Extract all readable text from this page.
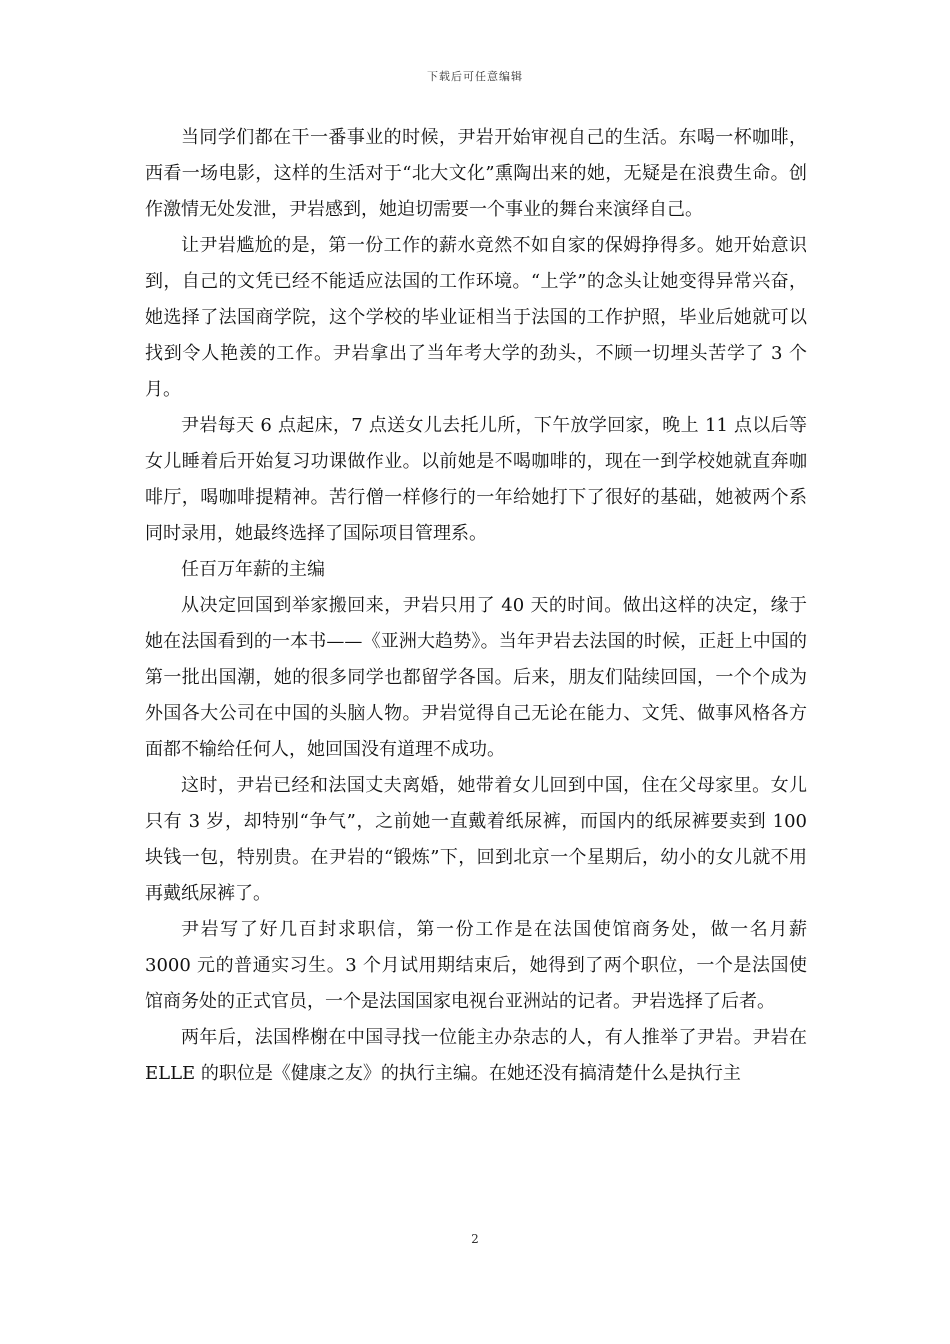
下载后可任意编辑

当同学们都在干一番事业的时候，尹岩开始审视自己的生活。东喝一杯咖啡，西看一场电影，这样的生活对于“北大文化”熏陶出来的她，无疑是在浪费生命。创作激情无处发泄，尹岩感到，她迫切需要一个事业的舞台来演绎自己。

让尹岩尴尬的是，第一份工作的薪水竟然不如自家的保姆挣得多。她开始意识到，自己的文凭已经不能适应法国的工作环境。“上学”的念头让她变得异常兴奋，她选择了法国商学院，这个学校的毕业证相当于法国的工作护照，毕业后她就可以找到令人艳羡的工作。尹岩拿出了当年考大学的劲头，不顾一切埋头苦学了 3 个月。

尹岩每天 6 点起床，7 点送女儿去托儿所，下午放学回家，晚上 11 点以后等女儿睡着后开始复习功课做作业。以前她是不喝咖啡的，现在一到学校她就直奔咖啡厅，喝咖啡提精神。苦行僧一样修行的一年给她打下了很好的基础，她被两个系同时录用，她最终选择了国际项目管理系。

任百万年薪的主编

从决定回国到举家搬回来，尹岩只用了 40 天的时间。做出这样的决定，缘于她在法国看到的一本书——《亚洲大趋势》。当年尹岩去法国的时候，正赶上中国的第一批出国潮，她的很多同学也都留学各国。后来，朋友们陆续回国，一个个成为外国各大公司在中国的头脑人物。尹岩觉得自己无论在能力、文凭、做事风格各方面都不输给任何人，她回国没有道理不成功。

这时，尹岩已经和法国丈夫离婚，她带着女儿回到中国，住在父母家里。女儿只有 3 岁，却特别“争气”，之前她一直戴着纸尿裤，而国内的纸尿裤要卖到 100 块钱一包，特别贵。在尹岩的“锻炼”下，回到北京一个星期后，幼小的女儿就不用再戴纸尿裤了。

尹岩写了好几百封求职信，第一份工作是在法国使馆商务处，做一名月薪 3000 元的普通实习生。3 个月试用期结束后，她得到了两个职位，一个是法国使馆商务处的正式官员，一个是法国国家电视台亚洲站的记者。尹岩选择了后者。

两年后，法国桦榭在中国寻找一位能主办杂志的人，有人推举了尹岩。尹岩在 ELLE 的职位是《健康之友》的执行主编。在她还没有搞清楚什么是执行主

2
